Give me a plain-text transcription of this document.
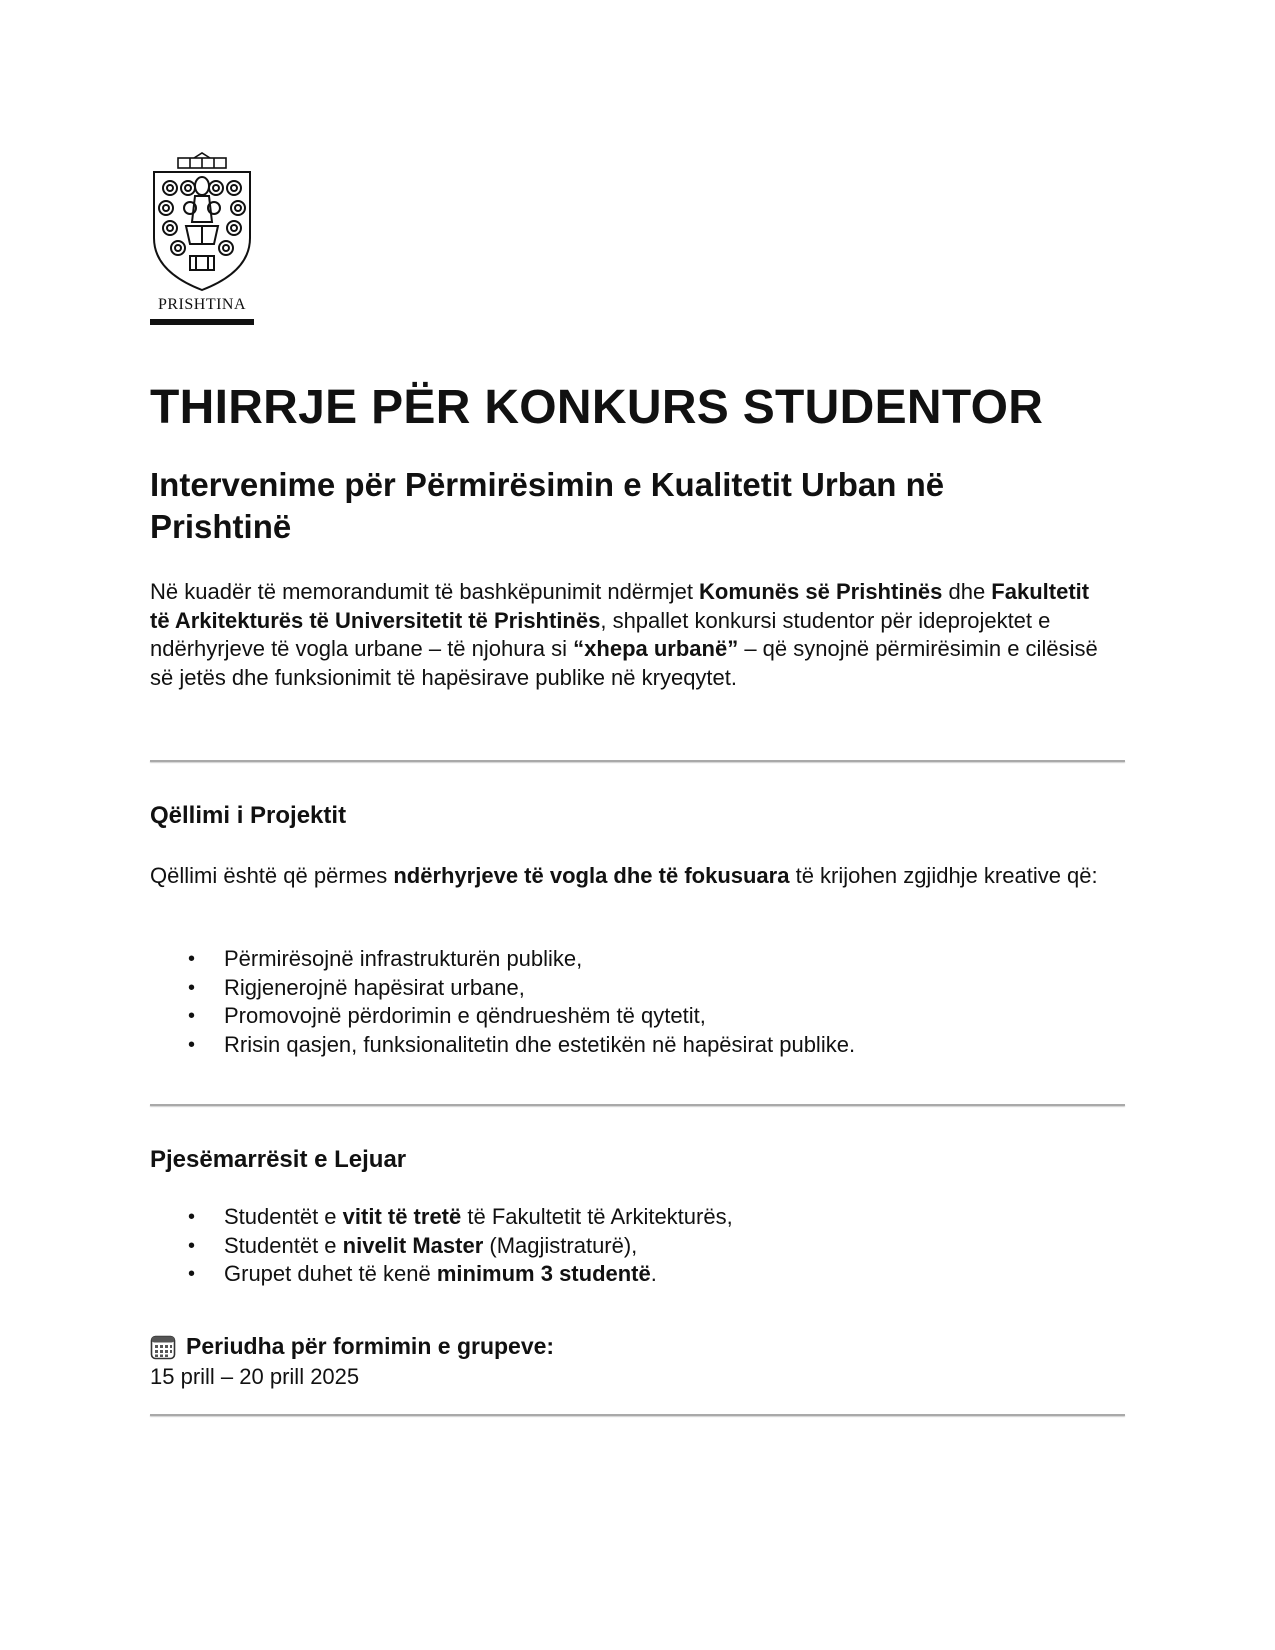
PRISHTINA
THIRRJE PËR KONKURS STUDENTOR
Intervenime për Përmirësimin e Kualitetit Urban në Prishtinë

Në kuadër të memorandumit të bashkëpunimit ndërmjet Komunës së Prishtinës dhe Fakultetit të Arkitekturës të Universitetit të Prishtinës, shpallet konkursi studentor për ideprojektet e ndërhyrjeve të vogla urbane – të njohura si “xhepa urbanë” – që synojnë përmirësimin e cilësisë së jetës dhe funksionimit të hapësirave publike në kryeqytet.

Qëllimi i Projektit

Qëllimi është që përmes ndërhyrjeve të vogla dhe të fokusuara të krijohen zgjidhje kreative që:

• Përmirësojnë infrastrukturën publike,
• Rigjenerojnë hapësirat urbane,
• Promovojnë përdorimin e qëndrueshëm të qytetit,
• Rrisin qasjen, funksionalitetin dhe estetikën në hapësirat publike.
Pjesëmarrësit e Lejuar
• Studentët e vitit të tretë të Fakultetit të Arkitekturës,
• Studentët e nivelit Master (Magjistraturë),
• Grupet duhet të kenë minimum 3 studentë.

Periudha për formimin e grupeve:

15 prill – 20 prill 2025
